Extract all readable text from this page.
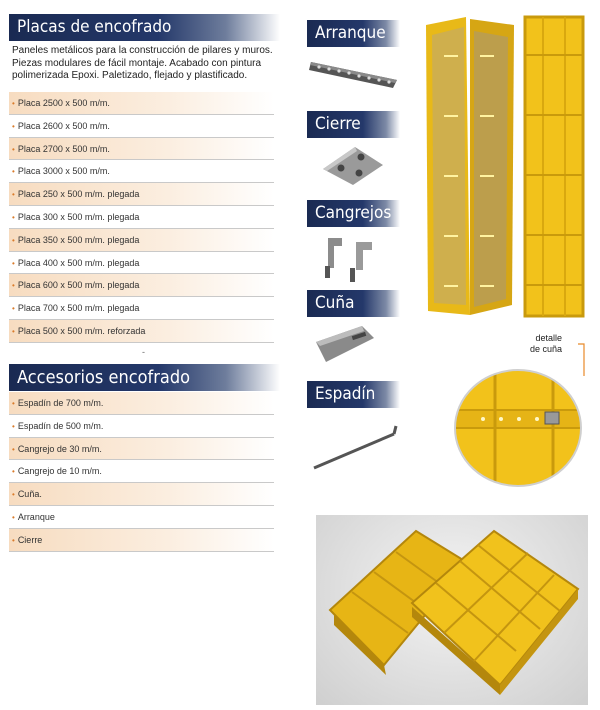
Placas de encofrado
Paneles metálicos para la construcción de pilares y muros. Piezas modulares de fácil montaje. Acabado con pintura polimerizada Epoxi. Paletizado, flejado y plastificado.
• Placa 2500 x 500 m/m.
• Placa 2600 x 500 m/m.
• Placa 2700 x 500 m/m.
• Placa 3000 x 500 m/m.
• Placa 250 x 500 m/m. plegada
• Placa 300 x 500 m/m. plegada
• Placa 350 x 500 m/m. plegada
• Placa 400 x 500 m/m. plegada
• Placa 600 x 500 m/m. plegada
• Placa 700 x 500 m/m. plegada
• Placa 500 x 500 m/m. reforzada
-
Accesorios encofrado
• Espadín de 700 m/m.
• Espadín de 500 m/m.
• Cangrejo de 30 m/m.
• Cangrejo de 10 m/m.
• Cuña.
• Arranque
• Cierre
Arranque
Cierre
Cangrejos
Cuña
Espadín
detalle
de cuña
